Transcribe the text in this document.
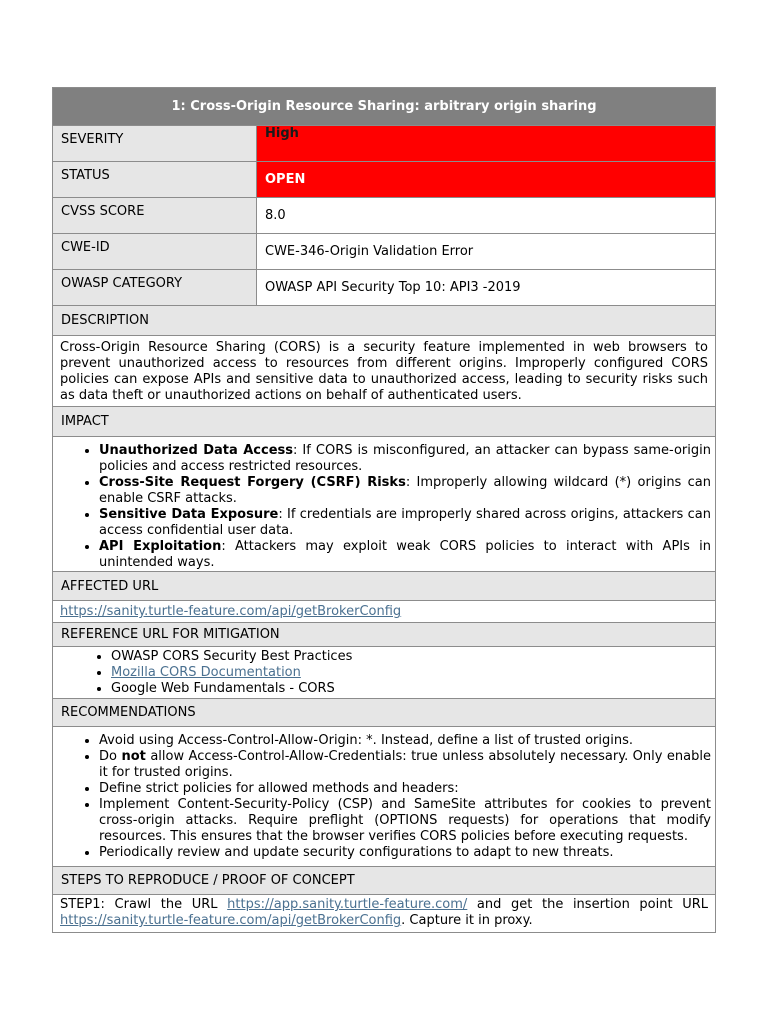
1: Cross-Origin Resource Sharing: arbitrary origin sharing
SEVERITY	High
STATUS	OPEN
CVSS SCORE	8.0
CWE-ID	CWE-346-Origin Validation Error
OWASP CATEGORY	OWASP API Security Top 10: API3 -2019
DESCRIPTION
Cross-Origin Resource Sharing (CORS) is a security feature implemented in web browsers to prevent unauthorized access to resources from different origins. Improperly configured CORS policies can expose APIs and sensitive data to unauthorized access, leading to security risks such as data theft or unauthorized actions on behalf of authenticated users.
IMPACT
• Unauthorized Data Access: If CORS is misconfigured, an attacker can bypass same-origin policies and access restricted resources.
• Cross-Site Request Forgery (CSRF) Risks: Improperly allowing wildcard (*) origins can enable CSRF attacks.
• Sensitive Data Exposure: If credentials are improperly shared across origins, attackers can access confidential user data.
• API Exploitation: Attackers may exploit weak CORS policies to interact with APIs in unintended ways.
AFFECTED URL
https://sanity.turtle-feature.com/api/getBrokerConfig
REFERENCE URL FOR MITIGATION
• OWASP CORS Security Best Practices
• Mozilla CORS Documentation
• Google Web Fundamentals - CORS
RECOMMENDATIONS
• Avoid using Access-Control-Allow-Origin: *. Instead, define a list of trusted origins.
• Do not allow Access-Control-Allow-Credentials: true unless absolutely necessary. Only enable it for trusted origins.
• Define strict policies for allowed methods and headers:
• Implement Content-Security-Policy (CSP) and SameSite attributes for cookies to prevent cross-origin attacks. Require preflight (OPTIONS requests) for operations that modify resources. This ensures that the browser verifies CORS policies before executing requests.
• Periodically review and update security configurations to adapt to new threats.
STEPS TO REPRODUCE / PROOF OF CONCEPT
STEP1: Crawl the URL https://app.sanity.turtle-feature.com/ and get the insertion point URL https://sanity.turtle-feature.com/api/getBrokerConfig. Capture it in proxy.
